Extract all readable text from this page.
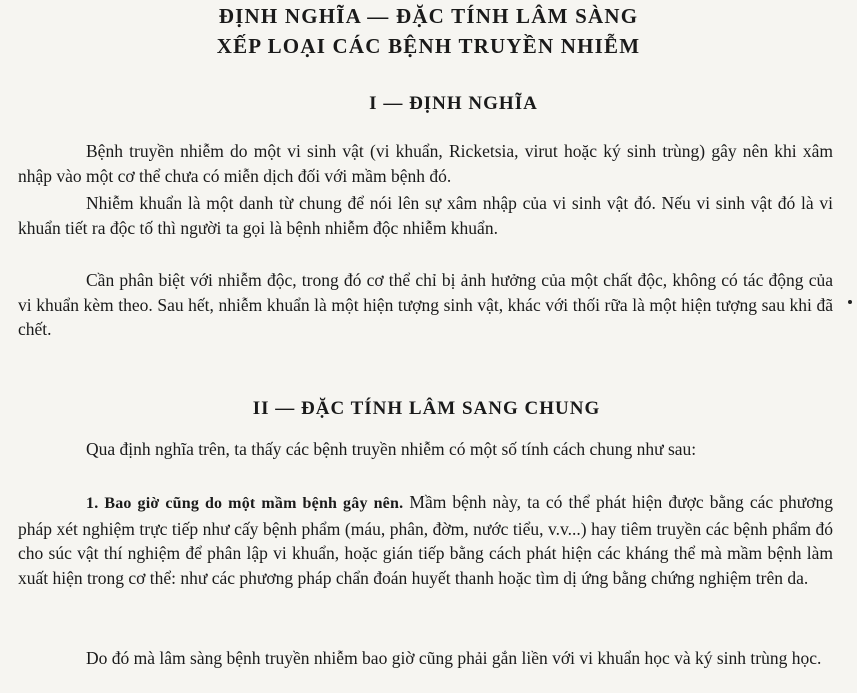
ĐỊNH NGHĨA — ĐẶC TÍNH LÂM SÀNG
XẾP LOẠI CÁC BỆNH TRUYỀN NHIỄM
I — ĐỊNH NGHĨA

Bệnh truyền nhiễm do một vi sinh vật (vi khuẩn, Ricketsia, virut hoặc ký sinh trùng) gây nên khi xâm nhập vào một cơ thể chưa có miễn dịch đối với mầm bệnh đó.

Nhiễm khuẩn là một danh từ chung để nói lên sự xâm nhập của vi sinh vật đó. Nếu vi sinh vật đó là vi khuẩn tiết ra độc tố thì người ta gọi là bệnh nhiễm độc nhiễm khuẩn.

Cần phân biệt với nhiễm độc, trong đó cơ thể chỉ bị ảnh hưởng của một chất độc, không có tác động của vi khuẩn kèm theo. Sau hết, nhiễm khuẩn là một hiện tượng sinh vật, khác với thối rữa là một hiện tượng sau khi đã chết.

II — ĐẶC TÍNH LÂM SANG CHUNG

Qua định nghĩa trên, ta thấy các bệnh truyền nhiễm có một số tính cách chung như sau:

1. Bao giờ cũng do một mầm bệnh gây nên. Mầm bệnh này, ta có thể phát hiện được bằng các phương pháp xét nghiệm trực tiếp như cấy bệnh phẩm (máu, phân, đờm, nước tiểu, v.v...) hay tiêm truyền các bệnh phẩm đó cho súc vật thí nghiệm để phân lập vi khuẩn, hoặc gián tiếp bằng cách phát hiện các kháng thể mà mầm bệnh làm xuất hiện trong cơ thể: như các phương pháp chẩn đoán huyết thanh hoặc tìm dị ứng bằng chứng nghiệm trên da.

Do đó mà lâm sàng bệnh truyền nhiễm bao giờ cũng phải gắn liền với vi khuẩn học và ký sinh trùng học.
